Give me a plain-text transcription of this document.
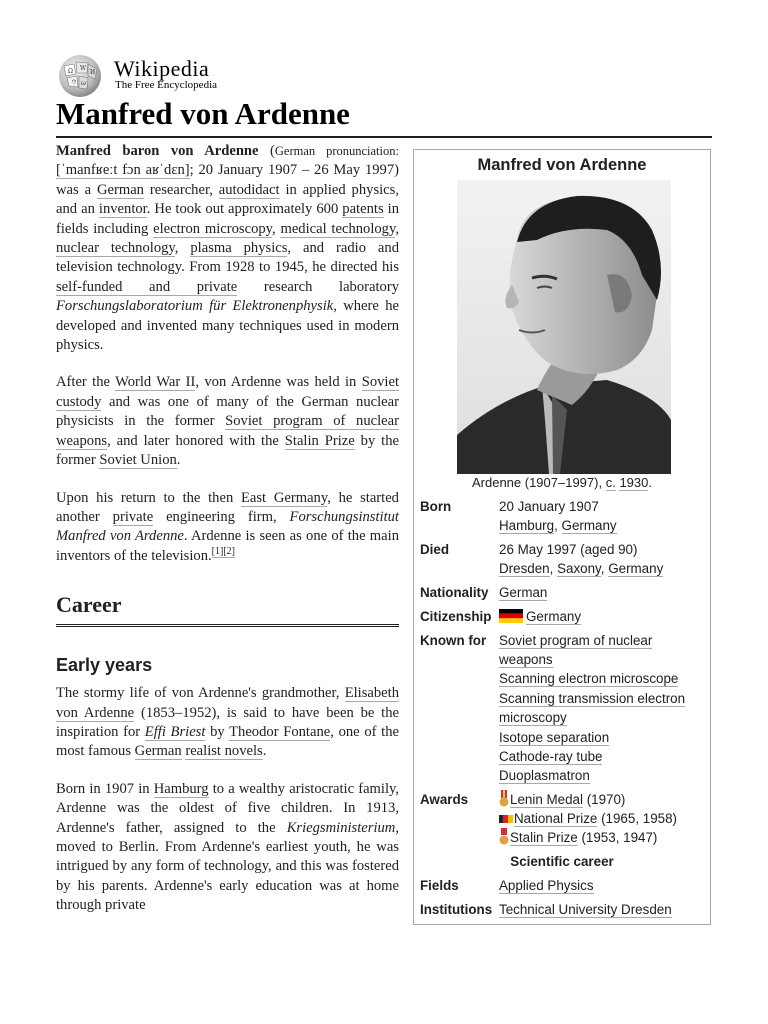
Ω W
И
ウ ω
Wikipedia
The Free Encyclopedia
Manfred von Ardenne

Manfred baron von Ardenne (German pronunciation: [ˈmanfʁeːt fɔn aʁˈdɛn]; 20 January 1907 – 26 May 1997) was a German researcher, autodidact in applied physics, and an inventor. He took out approximately 600 patents in fields including electron microscopy, medical technology, nuclear technology, plasma physics, and radio and television technology. From 1928 to 1945, he directed his self-funded and private research laboratory Forschungslaboratorium für Elektronenphysik, where he developed and invented many techniques used in modern physics.

After the World War II, von Ardenne was held in Soviet custody and was one of many of the German nuclear physicists in the former Soviet program of nuclear weapons, and later honored with the Stalin Prize by the former Soviet Union.

Upon his return to the then East Germany, he started another private engineering firm, Forschungsinstitut Manfred von Ardenne. Ardenne is seen as one of the main inventors of the television.[1][2]

Career
Early years

The stormy life of von Ardenne's grandmother, Elisabeth von Ardenne (1853–1952), is said to have been be the inspiration for Effi Briest by Theodor Fontane, one of the most famous German realist novels.

Born in 1907 in Hamburg to a wealthy aristocratic family, Ardenne was the oldest of five children. In 1913, Ardenne's father, assigned to the Kriegsministerium, moved to Berlin. From Ardenne's earliest youth, he was intrigued by any form of technology, and this was fostered by his parents. Ardenne's early education was at home through private

Manfred von Ardenne
Ardenne (1907–1997), c. 1930.
Born	20 January 1907
Hamburg, Germany
Died	26 May 1997 (aged 90)
Dresden, Saxony, Germany
Nationality German
Citizenship	Germany
Known for Soviet program of nuclear weapons
Scanning electron microscope
Scanning transmission electron microscopy
Isotope separation
Cathode-ray tube
Duoplasmatron
Awards	Lenin Medal (1970)
National Prize (1965, 1958)
Stalin Prize (1953, 1947)
Scientific career
Fields	Applied Physics
Institutions Technical University Dresden
